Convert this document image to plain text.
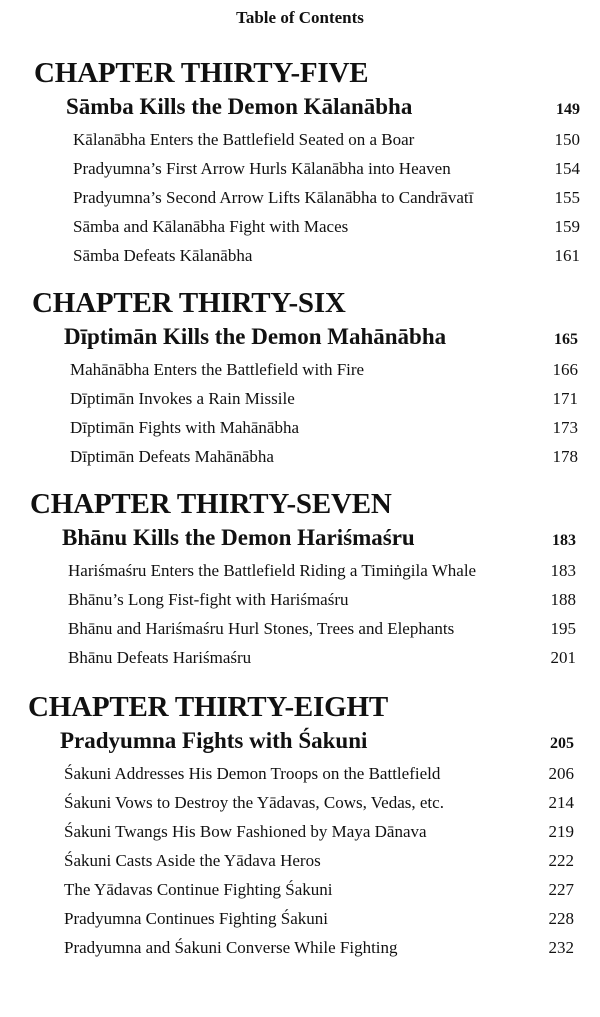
Table of Contents
CHAPTER THIRTY-FIVE
Sāmba Kills the Demon Kālanābha	149
Kālanābha Enters the Battlefield Seated on a Boar	150
Pradyumna’s First Arrow Hurls Kālanābha into Heaven	154
Pradyumna’s Second Arrow Lifts Kālanābha to Candrāvatī	155
Sāmba and Kālanābha Fight with Maces	159
Sāmba Defeats Kālanābha	161
CHAPTER THIRTY-SIX
Dīptimān Kills the Demon Mahānābha	165
Mahānābha Enters the Battlefield with Fire	166
Dīptimān Invokes a Rain Missile	171
Dīptimān Fights with Mahānābha	173
Dīptimān Defeats Mahānābha	178
CHAPTER THIRTY-SEVEN
Bhānu Kills the Demon Hariśmaśru	183
Hariśmaśru Enters the Battlefield Riding a Timiṅgila Whale	183
Bhānu’s Long Fist-fight with Hariśmaśru	188
Bhānu and Hariśmaśru Hurl Stones, Trees and Elephants	195
Bhānu Defeats Hariśmaśru	201
CHAPTER THIRTY-EIGHT
Pradyumna Fights with Śakuni	205
Śakuni Addresses His Demon Troops on the Battlefield	206
Śakuni Vows to Destroy the Yādavas, Cows, Vedas, etc.	214
Śakuni Twangs His Bow Fashioned by Maya Dānava	219
Śakuni Casts Aside the Yādava Heros	222
The Yādavas Continue Fighting Śakuni	227
Pradyumna Continues Fighting Śakuni	228
Pradyumna and Śakuni Converse While Fighting	232
